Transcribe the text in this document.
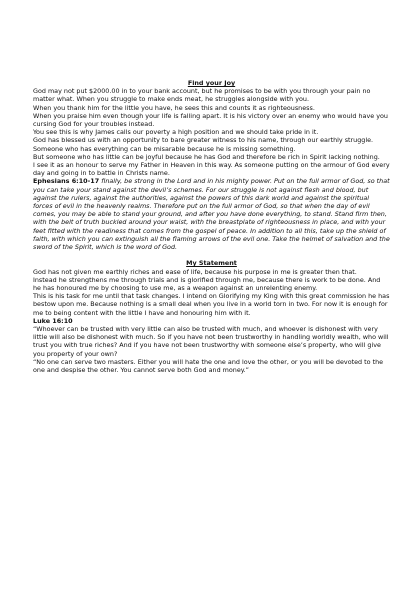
Find your Joy

God may not put $2000.00 in to your bank account, but he promises to be with you through your pain no matter what. When you struggle to make ends meat, he struggles alongside with you.

When you thank him for the little you have, he sees this and counts it as righteousness.

When you praise him even though your life is falling apart. It is his victory over an enemy who would have you cursing God for your troubles instead.

You see this is why James calls our poverty a high position and we should take pride in it.

God has blessed us with an opportunity to bare greater witness to his name, through our earthly struggle.

Someone who has everything can be misarable because he is missing something.

But someone who has little can be joyful because he has God and therefore be rich in Spirit lacking nothing.

I see it as an honour to serve my Father in Heaven in this way. As someone putting on the armour of God every day and going in to battle in Christs name.

Ephesians 6:10-17 finally, be strong in the Lord and in his mighty power. Put on the full armor of God, so that you can take your stand against the devil’s schemes. For our struggle is not against flesh and blood, but against the rulers, against the authorities, against the powers of this dark world and against the spiritual forces of evil in the heavenly realms. Therefore put on the full armor of God, so that when the day of evil comes, you may be able to stand your ground, and after you have done everything, to stand. Stand firm then, with the belt of truth buckled around your waist, with the breastplate of righteousness in place, and with your feet fitted with the readiness that comes from the gospel of peace. In addition to all this, take up the shield of faith, with which you can extinguish all the flaming arrows of the evil one. Take the helmet of salvation and the sword of the Spirit, which is the word of God.

My Statement

God has not given me earthly riches and ease of life, because his purpose in me is greater then that.

Instead he strengthens me through trials and is glorified through me, because there is work to be done. And he has honoured me by choosing to use me, as a weapon against an unrelenting enemy.

This is his task for me until that task changes. I intend on Glorifying my King with this great commission he has bestow upon me. Because nothing is a small deal when you live in a world torn in two. For now it is enough for me to being content with the little I have and honouring him with it.

Luke 16:10

“Whoever can be trusted with very little can also be trusted with much, and whoever is dishonest with very little will also be dishonest with much. So if you have not been trustworthy in handling worldly wealth, who will trust you with true riches? And if you have not been trustworthy with someone else’s property, who will give you property of your own?

“No one can serve two masters. Either you will hate the one and love the other, or you will be devoted to the one and despise the other. You cannot serve both God and money.”
